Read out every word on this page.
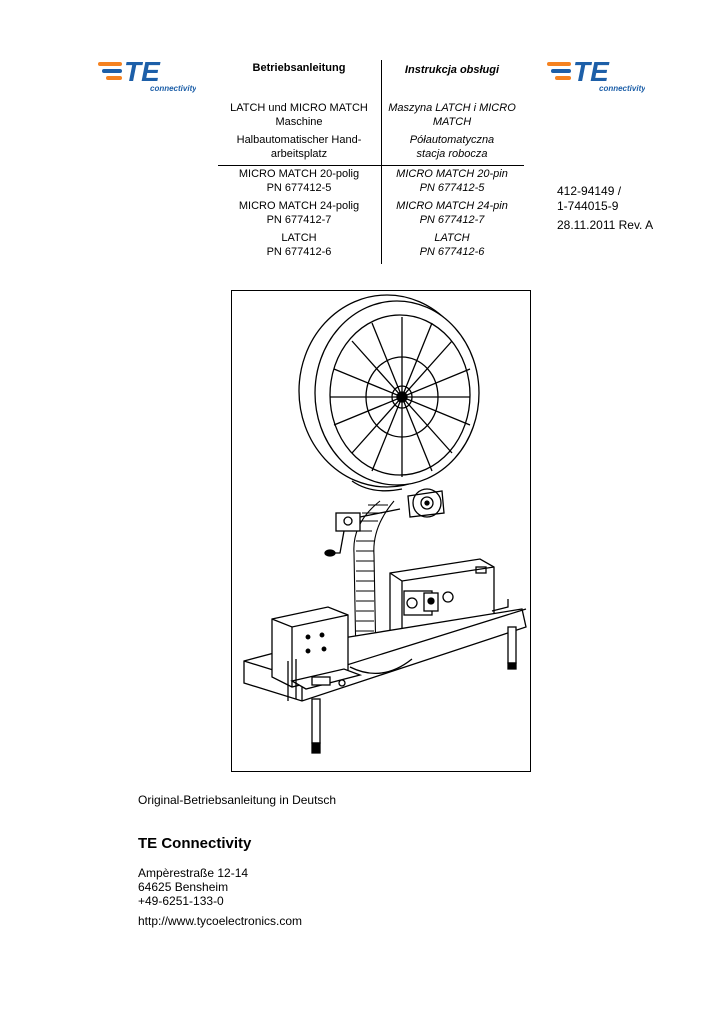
TE
connectivity
TE
connectivity
Betriebsanleitung
LATCH und MICRO MATCH
Maschine
Halbautomatischer Hand-
arbeitsplatz
MICRO MATCH 20-polig
PN 677412-5
MICRO MATCH 24-polig
PN 677412-7
LATCH
PN 677412-6
Instrukcja obsługi
Maszyna LATCH i MICRO
MATCH
Półautomatyczna
stacja robocza
MICRO MATCH 20-pin
PN 677412-5
MICRO MATCH 24-pin
PN 677412-7
LATCH
PN 677412-6
412-94149 /
1-744015-9
28.11.2011 Rev. A
Original-Betriebsanleitung in Deutsch
TE Connectivity
Ampèrestraße 12-14
64625 Bensheim
+49-6251-133-0
http://www.tycoelectronics.com
